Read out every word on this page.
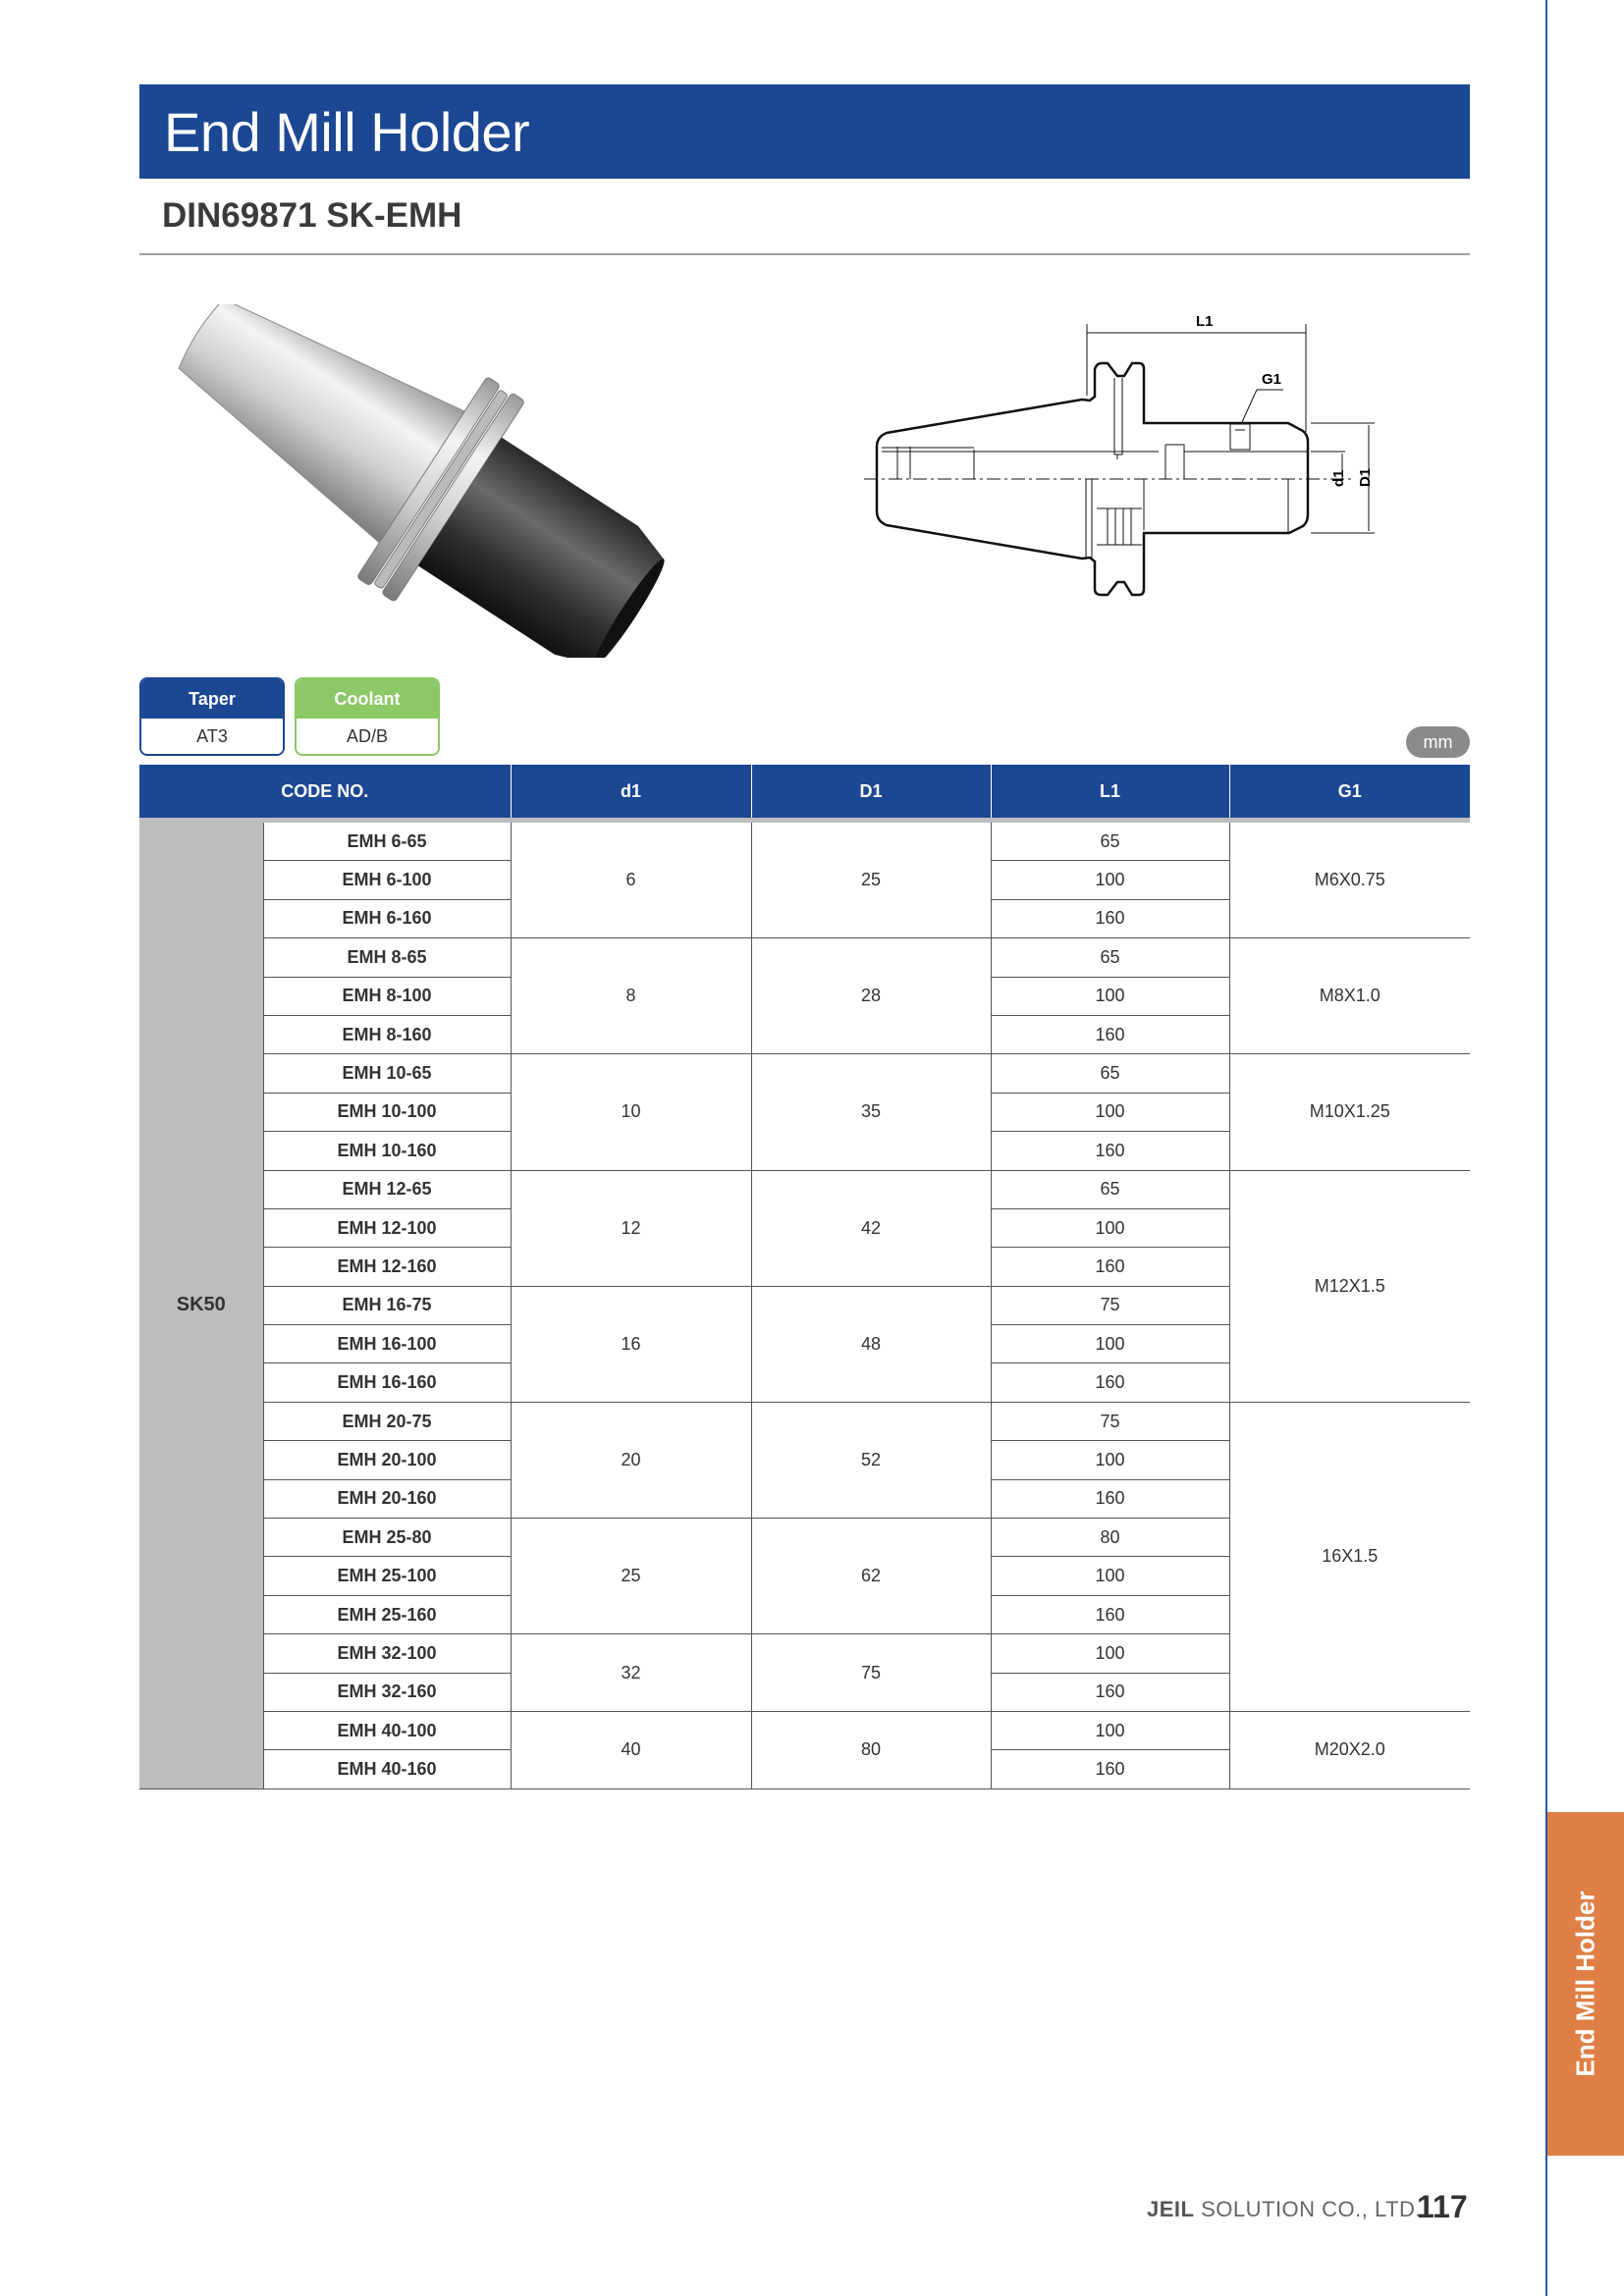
End Mill Holder
DIN69871 SK-EMH
L1
G1
d1 D1
Taper
AT3
Coolant
AD/B	mm
CODE NO.		d1	D1	L1	G1
SK50	EMH 6-65	6	25	65	M6X0.75
	EMH 6-100			100	
	EMH 6-160			160	
	EMH 8-65	8	28	65	M8X1.0
	EMH 8-100			100	
	EMH 8-160			160	
	EMH 10-65	10	35	65	M10X1.25
	EMH 10-100			100	
	EMH 10-160			160	
	EMH 12-65	12	42	65	M12X1.5
	EMH 12-100			100	
	EMH 12-160			160	
	EMH 16-75	16	48	75	
	EMH 16-100			100	
	EMH 16-160			160	
	EMH 20-75	20	52	75	16X1.5
	EMH 20-100			100	
	EMH 20-160			160	
	EMH 25-80	25	62	80	
	EMH 25-100			100	
	EMH 25-160			160	
	EMH 32-100	32	75	100	
	EMH 32-160			160	
	EMH 40-100	40	80	100	M20X2.0
	EMH 40-160			160	
End Mill Holder
JEIL SOLUTION CO., LTD.
117
